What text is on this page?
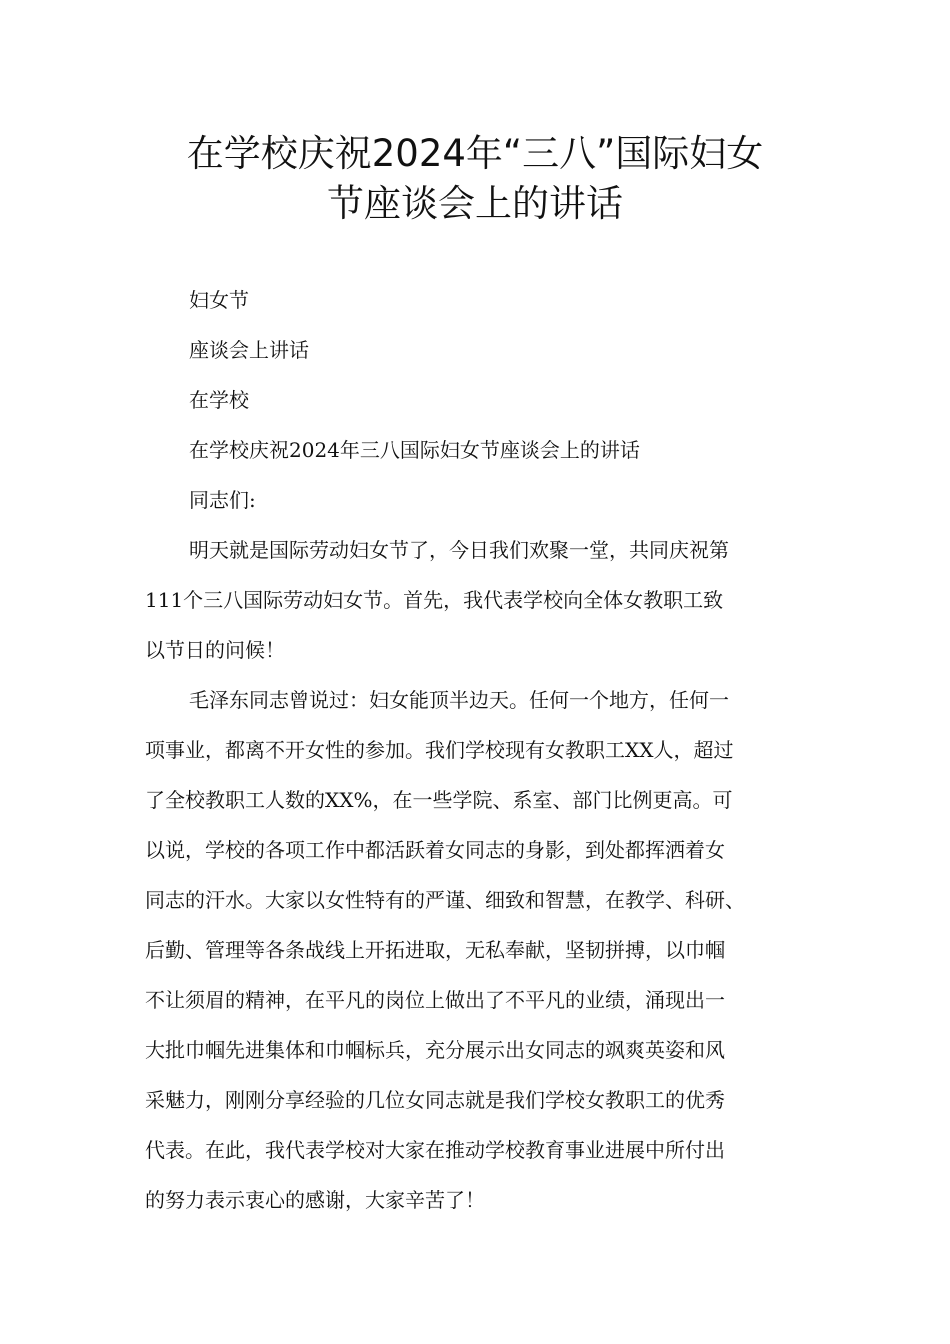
在学校庆祝2024年“三八”国际妇女
节座谈会上的讲话

妇女节

座谈会上讲话

在学校

在学校庆祝2024年三八国际妇女节座谈会上的讲话

同志们:

明天就是国际劳动妇女节了，今日我们欢聚一堂，共同庆祝第

111个三八国际劳动妇女节。首先，我代表学校向全体女教职工致

以节日的问候！

毛泽东同志曾说过：妇女能顶半边天。任何一个地方，任何一

项事业，都离不开女性的参加。我们学校现有女教职工XX人，超过

了全校教职工人数的XX%，在一些学院、系室、部门比例更高。可

以说，学校的各项工作中都活跃着女同志的身影，到处都挥洒着女

同志的汗水。大家以女性特有的严谨、细致和智慧，在教学、科研、

后勤、管理等各条战线上开拓进取，无私奉献，坚韧拼搏，以巾帼

不让须眉的精神，在平凡的岗位上做出了不平凡的业绩，涌现出一

大批巾帼先进集体和巾帼标兵，充分展示出女同志的飒爽英姿和风

采魅力，刚刚分享经验的几位女同志就是我们学校女教职工的优秀

代表。在此，我代表学校对大家在推动学校教育事业进展中所付出

的努力表示衷心的感谢，大家辛苦了！
